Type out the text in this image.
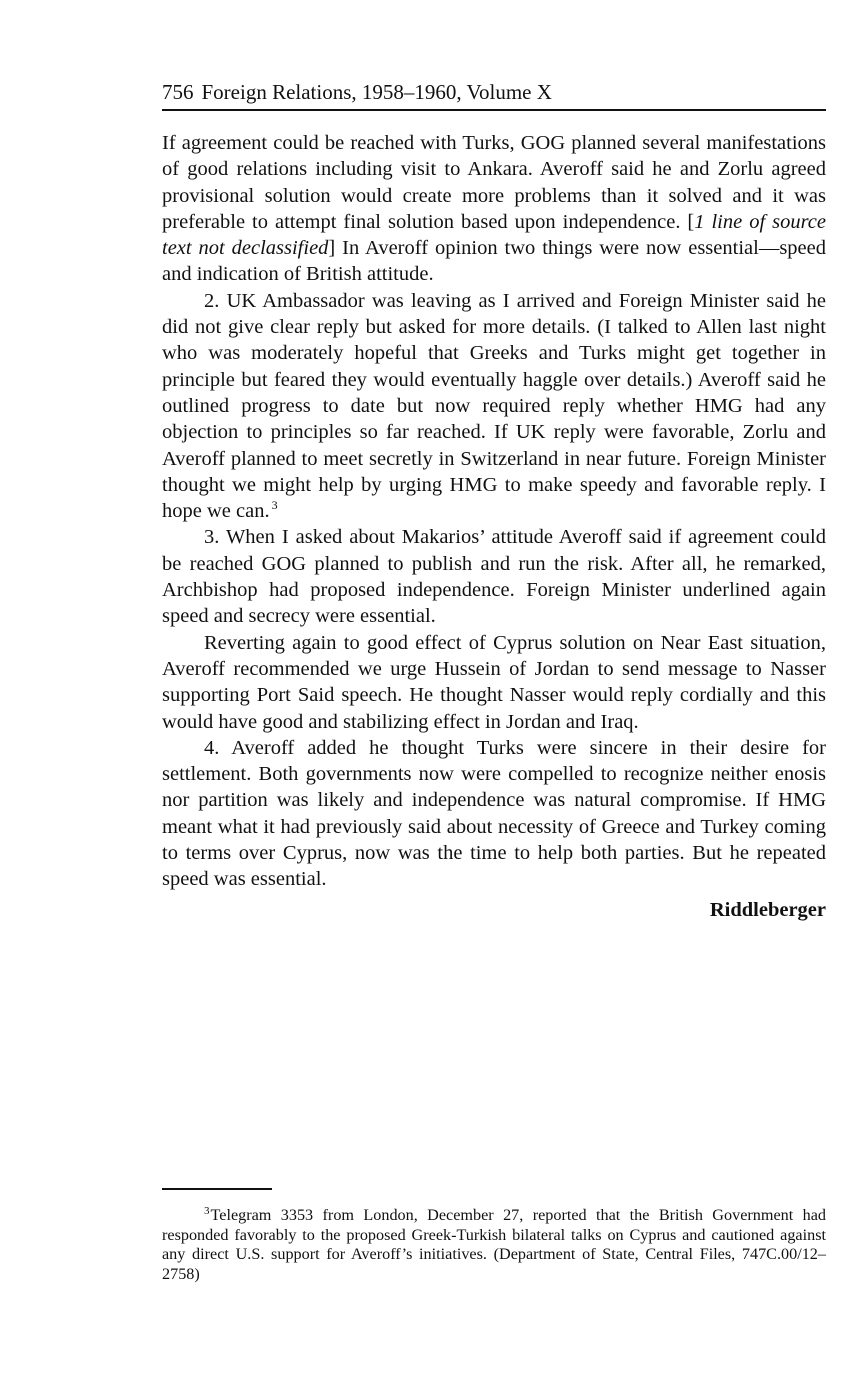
756 Foreign Relations, 1958–1960, Volume X

If agreement could be reached with Turks, GOG planned several manifestations of good relations including visit to Ankara. Averoff said he and Zorlu agreed provisional solution would create more problems than it solved and it was preferable to attempt final solution based upon independence. [1 line of source text not declassified] In Averoff opinion two things were now essential—speed and indication of British attitude.

2. UK Ambassador was leaving as I arrived and Foreign Minister said he did not give clear reply but asked for more details. (I talked to Allen last night who was moderately hopeful that Greeks and Turks might get together in principle but feared they would eventually haggle over details.) Averoff said he outlined progress to date but now required reply whether HMG had any objection to principles so far reached. If UK reply were favorable, Zorlu and Averoff planned to meet secretly in Switzerland in near future. Foreign Minister thought we might help by urging HMG to make speedy and favorable reply. I hope we can. $^3$

3. When I asked about Makarios’ attitude Averoff said if agreement could be reached GOG planned to publish and run the risk. After all, he remarked, Archbishop had proposed independence. Foreign Minister underlined again speed and secrecy were essential.

Reverting again to good effect of Cyprus solution on Near East situation, Averoff recommended we urge Hussein of Jordan to send message to Nasser supporting Port Said speech. He thought Nasser would reply cordially and this would have good and stabilizing effect in Jordan and Iraq.

4. Averoff added he thought Turks were sincere in their desire for settlement. Both governments now were compelled to recognize neither enosis nor partition was likely and independence was natural compromise. If HMG meant what it had previously said about necessity of Greece and Turkey coming to terms over Cyprus, now was the time to help both parties. But he repeated speed was essential.

Riddleberger

$^3$Telegram 3353 from London, December 27, reported that the British Government had responded favorably to the proposed Greek-Turkish bilateral talks on Cyprus and cautioned against any direct U.S. support for Averoff’s initiatives. (Department of State, Central Files, 747C.00/12–2758)
